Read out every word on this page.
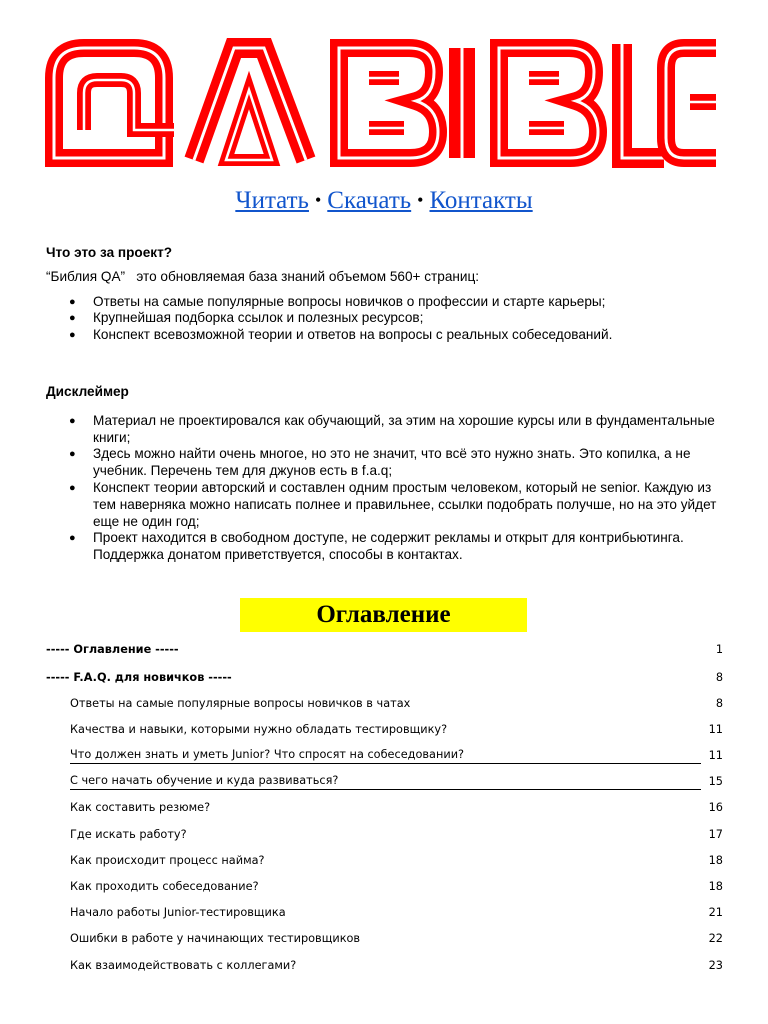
Читать • Скачать • Контакты
Что это за проект?
“Библия QA”   это обновляемая база знаний объемом 560+ страниц:
● Ответы на самые популярные вопросы новичков о профессии и старте карьеры;
● Крупнейшая подборка ссылок и полезных ресурсов;
● Конспект всевозможной теории и ответов на вопросы с реальных собеседований.
Дисклеймер
● Материал не проектировался как обучающий, за этим на хорошие курсы или в фундаментальные книги;
● Здесь можно найти очень многое, но это не значит, что всё это нужно знать. Это копилка, а не учебник. Перечень тем для джунов есть в f.a.q;
● Конспект теории авторский и составлен одним простым человеком, который не senior. Каждую из тем наверняка можно написать полнее и правильнее, ссылки подобрать получше, но на это уйдет еще не один год;
● Проект находится в свободном доступе, не содержит рекламы и открыт для контрибьютинга. Поддержка донатом приветствуется, способы в контактах.
Оглавление
----- Оглавление -----	1
----- F.A.Q. для новичков -----	8
Ответы на самые популярные вопросы новичков в чатах	8
Качества и навыки, которыми нужно обладать тестировщику?	11
Что должен знать и уметь Junior? Что спросят на собеседовании?	11
С чего начать обучение и куда развиваться?	15
Как составить резюме?	16
Где искать работу?	17
Как происходит процесс найма?	18
Как проходить собеседование?	18
Начало работы Junior-тестировщика	21
Ошибки в работе у начинающих тестировщиков	22
Как взаимодействовать с коллегами?	23
